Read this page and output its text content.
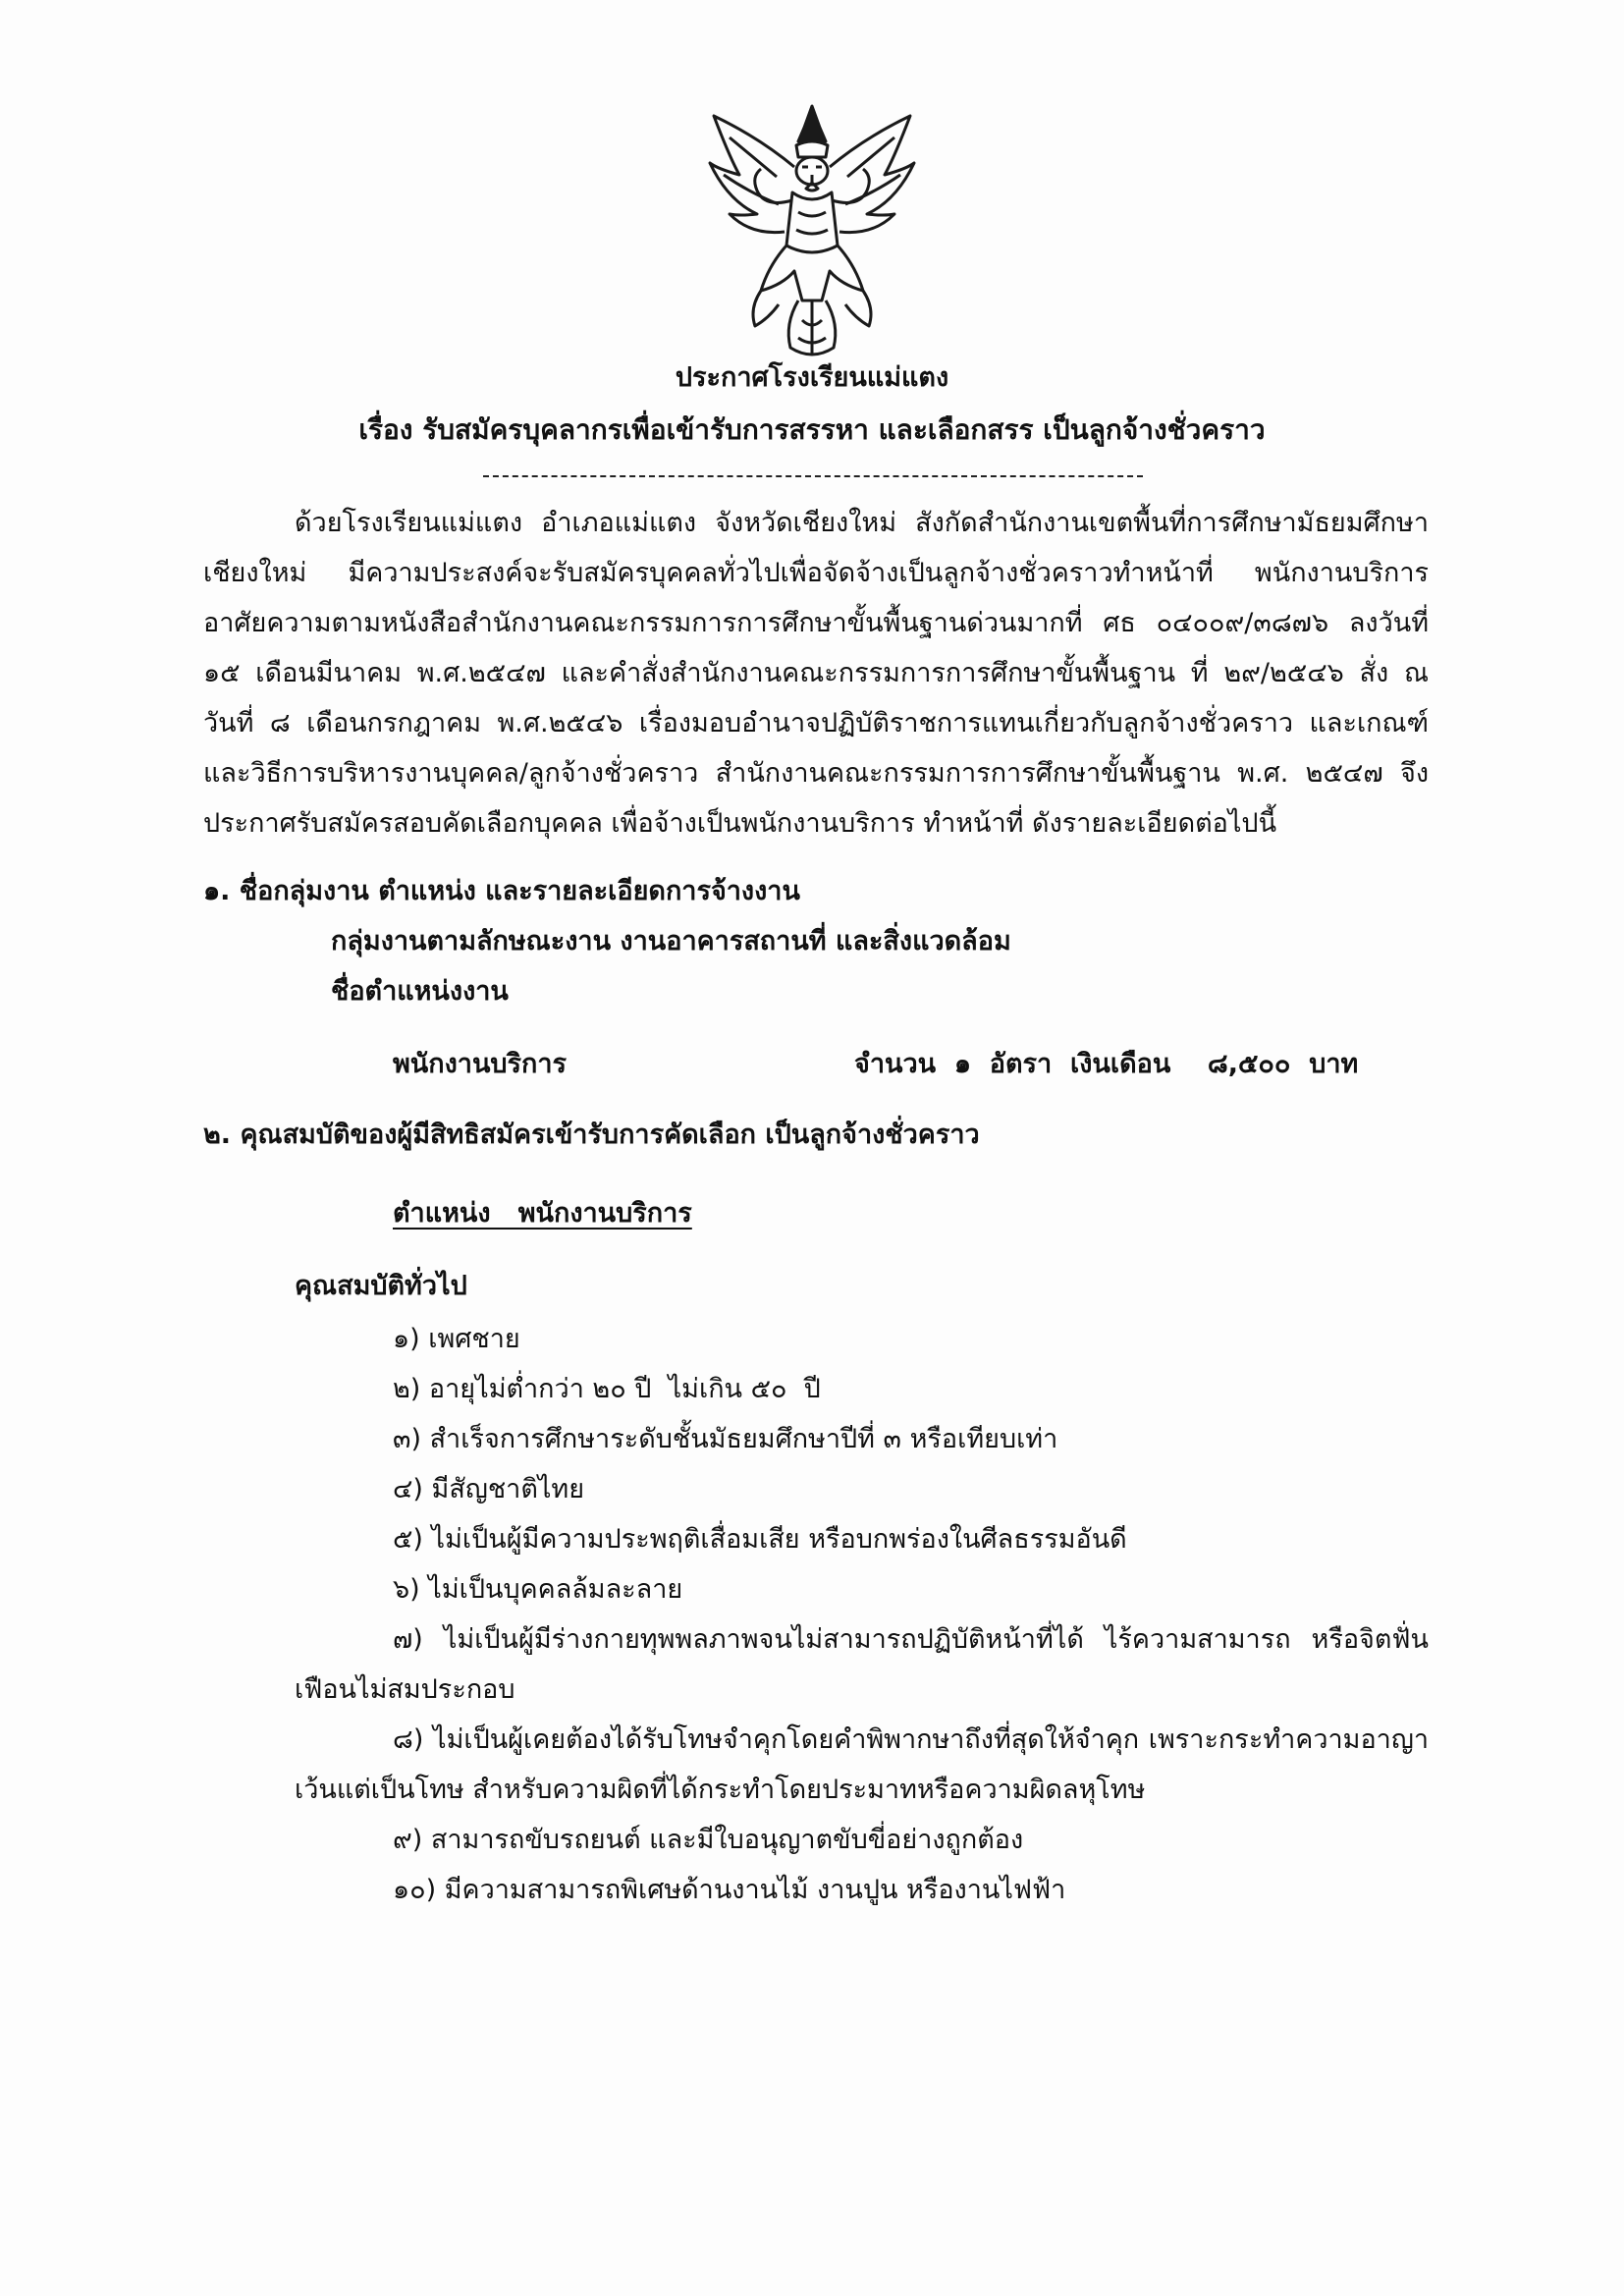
ประกาศโรงเรียนแม่แตง
เรื่อง รับสมัครบุคลากรเพื่อเข้ารับการสรรหา และเลือกสรร เป็นลูกจ้างชั่วคราว
ด้วยโรงเรียนแม่แตง อำเภอแม่แตง จังหวัดเชียงใหม่ สังกัดสำนักงานเขตพื้นที่การศึกษามัธยมศึกษา
เชียงใหม่ มีความประสงค์จะรับสมัครบุคคลทั่วไปเพื่อจัดจ้างเป็นลูกจ้างชั่วคราวทำหน้าที่ พนักงานบริการ
อาศัยความตามหนังสือสำนักงานคณะกรรมการการศึกษาขั้นพื้นฐานด่วนมากที่ ศธ ๐๔๐๐๙/๓๘๗๖ ลงวันที่
๑๕ เดือนมีนาคม พ.ศ.๒๕๔๗ และคำสั่งสำนักงานคณะกรรมการการศึกษาขั้นพื้นฐาน ที่ ๒๙/๒๕๔๖ สั่ง ณ
วันที่ ๘ เดือนกรกฎาคม พ.ศ.๒๕๔๖ เรื่องมอบอำนาจปฏิบัติราชการแทนเกี่ยวกับลูกจ้างชั่วคราว และเกณฑ์
และวิธีการบริหารงานบุคคล/ลูกจ้างชั่วคราว สำนักงานคณะกรรมการการศึกษาขั้นพื้นฐาน พ.ศ. ๒๕๔๗ จึง
ประกาศรับสมัครสอบคัดเลือกบุคคล เพื่อจ้างเป็นพนักงานบริการ ทำหน้าที่ ดังรายละเอียดต่อไปนี้
๑. ชื่อกลุ่มงาน ตำแหน่ง และรายละเอียดการจ้างงาน
กลุ่มงานตามลักษณะงาน งานอาคารสถานที่ และสิ่งแวดล้อม
ชื่อตำแหน่งงาน
พนักงานบริการ	จำนวน  ๑  อัตรา  เงินเดือน    ๘,๕๐๐  บาท
๒. คุณสมบัติของผู้มีสิทธิสมัครเข้ารับการคัดเลือก เป็นลูกจ้างชั่วคราว
ตำแหน่ง   พนักงานบริการ
คุณสมบัติทั่วไป
๑) เพศชาย
๒) อายุไม่ต่ำกว่า ๒๐ ปี  ไม่เกิน ๕๐  ปี
๓) สำเร็จการศึกษาระดับชั้นมัธยมศึกษาปีที่ ๓ หรือเทียบเท่า
๔) มีสัญชาติไทย
๕) ไม่เป็นผู้มีความประพฤติเสื่อมเสีย หรือบกพร่องในศีลธรรมอันดี
๖) ไม่เป็นบุคคลล้มละลาย
๗) ไม่เป็นผู้มีร่างกายทุพพลภาพจนไม่สามารถปฏิบัติหน้าที่ได้ ไร้ความสามารถ หรือจิตฟั่น
เฟือนไม่สมประกอบ
๘) ไม่เป็นผู้เคยต้องได้รับโทษจำคุกโดยคำพิพากษาถึงที่สุดให้จำคุก เพราะกระทำความอาญา
เว้นแต่เป็นโทษ สำหรับความผิดที่ได้กระทำโดยประมาทหรือความผิดลหุโทษ
๙) สามารถขับรถยนต์ และมีใบอนุญาตขับขี่อย่างถูกต้อง
๑๐) มีความสามารถพิเศษด้านงานไม้ งานปูน หรืองานไฟฟ้า
